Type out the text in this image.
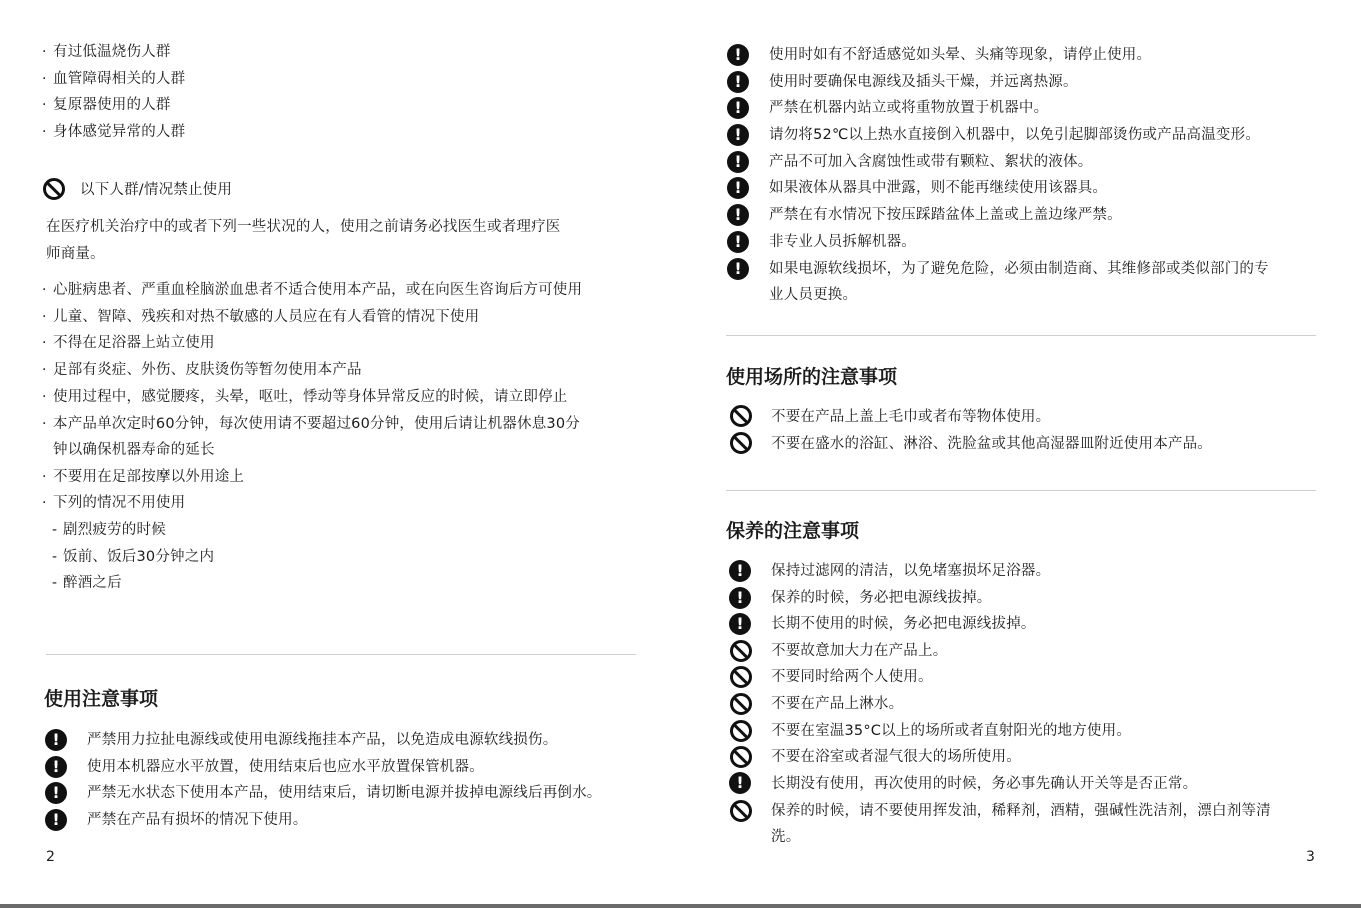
· 有过低温烧伤人群
· 血管障碍相关的人群
· 复原器使用的人群
· 身体感觉异常的人群
以下人群/情况禁止使用
在医疗机关治疗中的或者下列一些状况的人，使用之前请务必找医生或者理疗医
师商量。
· 心脏病患者、严重血栓脑淤血患者不适合使用本产品，或在向医生咨询后方可使用
· 儿童、智障、残疾和对热不敏感的人员应在有人看管的情况下使用
· 不得在足浴器上站立使用
· 足部有炎症、外伤、皮肤烫伤等暂勿使用本产品
· 使用过程中，感觉腰疼，头晕，呕吐，悸动等身体异常反应的时候，请立即停止
· 本产品单次定时60分钟，每次使用请不要超过60分钟，使用后请让机器休息30分
钟以确保机器寿命的延长
· 不要用在足部按摩以外用途上
· 下列的情况不用使用
- 剧烈疲劳的时候
- 饭前、饭后30分钟之内
- 醉酒之后
使用注意事项
!
严禁用力拉扯电源线或使用电源线拖挂本产品，以免造成电源软线损伤。
!
使用本机器应水平放置，使用结束后也应水平放置保管机器。
!
严禁无水状态下使用本产品，使用结束后，请切断电源并拔掉电源线后再倒水。
!
严禁在产品有损坏的情况下使用。
2
!
使用时如有不舒适感觉如头晕、头痛等现象，请停止使用。
!
使用时要确保电源线及插头干燥，并远离热源。
!
严禁在机器内站立或将重物放置于机器中。
!
请勿将52℃以上热水直接倒入机器中，以免引起脚部烫伤或产品高温变形。
!
产品不可加入含腐蚀性或带有颗粒、絮状的液体。
!
如果液体从器具中泄露，则不能再继续使用该器具。
!
严禁在有水情况下按压踩踏盆体上盖或上盖边缘严禁。
!
非专业人员拆解机器。
!
如果电源软线损坏，为了避免危险，必须由制造商、其维修部或类似部门的专
业人员更换。
使用场所的注意事项
不要在产品上盖上毛巾或者布等物体使用。
不要在盛水的浴缸、淋浴、洗脸盆或其他高湿器皿附近使用本产品。
保养的注意事项
!
保持过滤网的清洁，以免堵塞损坏足浴器。
!
保养的时候，务必把电源线拔掉。
!
长期不使用的时候，务必把电源线拔掉。
不要故意加大力在产品上。
不要同时给两个人使用。
不要在产品上淋水。
不要在室温35°C以上的场所或者直射阳光的地方使用。
不要在浴室或者湿气很大的场所使用。
!
长期没有使用，再次使用的时候，务必事先确认开关等是否正常。
保养的时候，请不要使用挥发油，稀释剂，酒精，强碱性洗洁剂，漂白剂等清
洗。
3
